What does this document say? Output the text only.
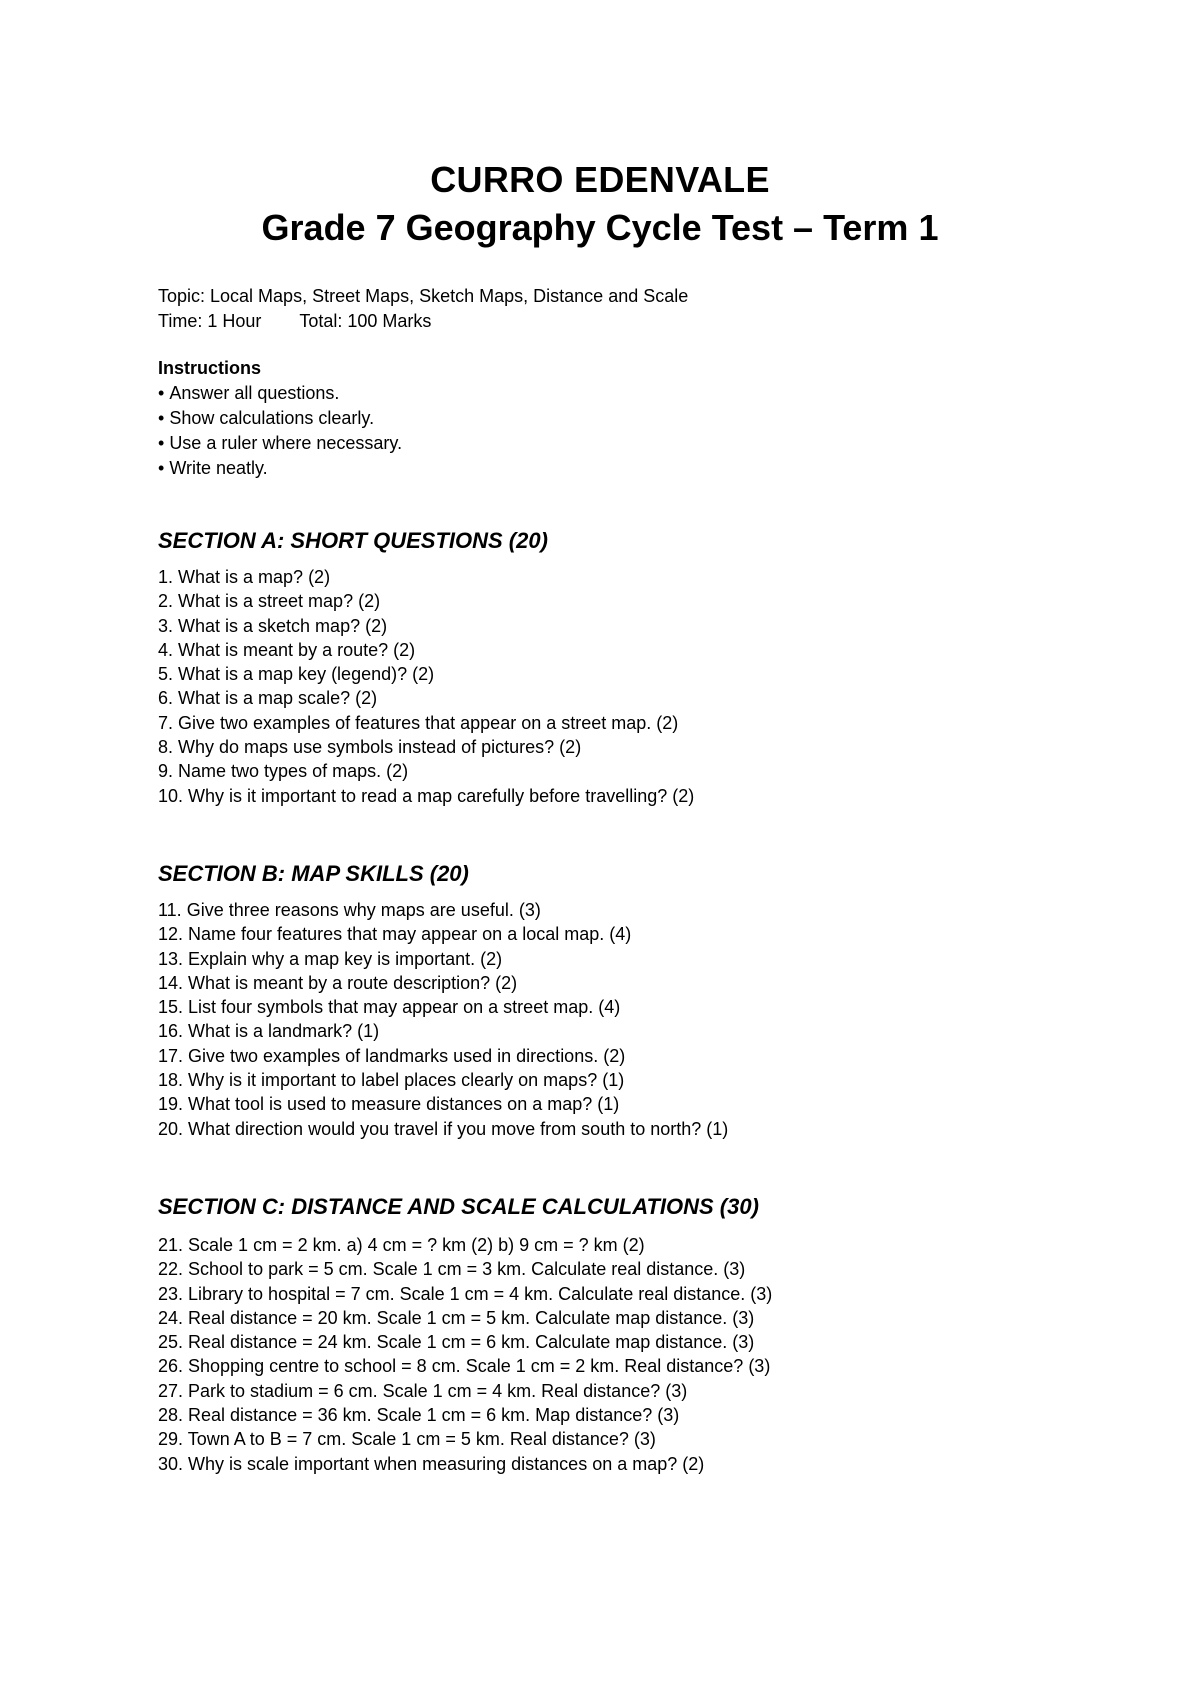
CURRO EDENVALE
Grade 7 Geography Cycle Test – Term 1
Topic: Local Maps, Street Maps, Sketch Maps, Distance and Scale
Time: 1 Hour Total: 100 Marks
Instructions
• Answer all questions.
• Show calculations clearly.
• Use a ruler where necessary.
• Write neatly.
SECTION A: SHORT QUESTIONS (20)
1. What is a map? (2)
2. What is a street map? (2)
3. What is a sketch map? (2)
4. What is meant by a route? (2)
5. What is a map key (legend)? (2)
6. What is a map scale? (2)
7. Give two examples of features that appear on a street map. (2)
8. Why do maps use symbols instead of pictures? (2)
9. Name two types of maps. (2)
10. Why is it important to read a map carefully before travelling? (2)
SECTION B: MAP SKILLS (20)
11. Give three reasons why maps are useful. (3)
12. Name four features that may appear on a local map. (4)
13. Explain why a map key is important. (2)
14. What is meant by a route description? (2)
15. List four symbols that may appear on a street map. (4)
16. What is a landmark? (1)
17. Give two examples of landmarks used in directions. (2)
18. Why is it important to label places clearly on maps? (1)
19. What tool is used to measure distances on a map? (1)
20. What direction would you travel if you move from south to north? (1)
SECTION C: DISTANCE AND SCALE CALCULATIONS (30)
21. Scale 1 cm = 2 km. a) 4 cm = ? km (2) b) 9 cm = ? km (2)
22. School to park = 5 cm. Scale 1 cm = 3 km. Calculate real distance. (3)
23. Library to hospital = 7 cm. Scale 1 cm = 4 km. Calculate real distance. (3)
24. Real distance = 20 km. Scale 1 cm = 5 km. Calculate map distance. (3)
25. Real distance = 24 km. Scale 1 cm = 6 km. Calculate map distance. (3)
26. Shopping centre to school = 8 cm. Scale 1 cm = 2 km. Real distance? (3)
27. Park to stadium = 6 cm. Scale 1 cm = 4 km. Real distance? (3)
28. Real distance = 36 km. Scale 1 cm = 6 km. Map distance? (3)
29. Town A to B = 7 cm. Scale 1 cm = 5 km. Real distance? (3)
30. Why is scale important when measuring distances on a map? (2)
